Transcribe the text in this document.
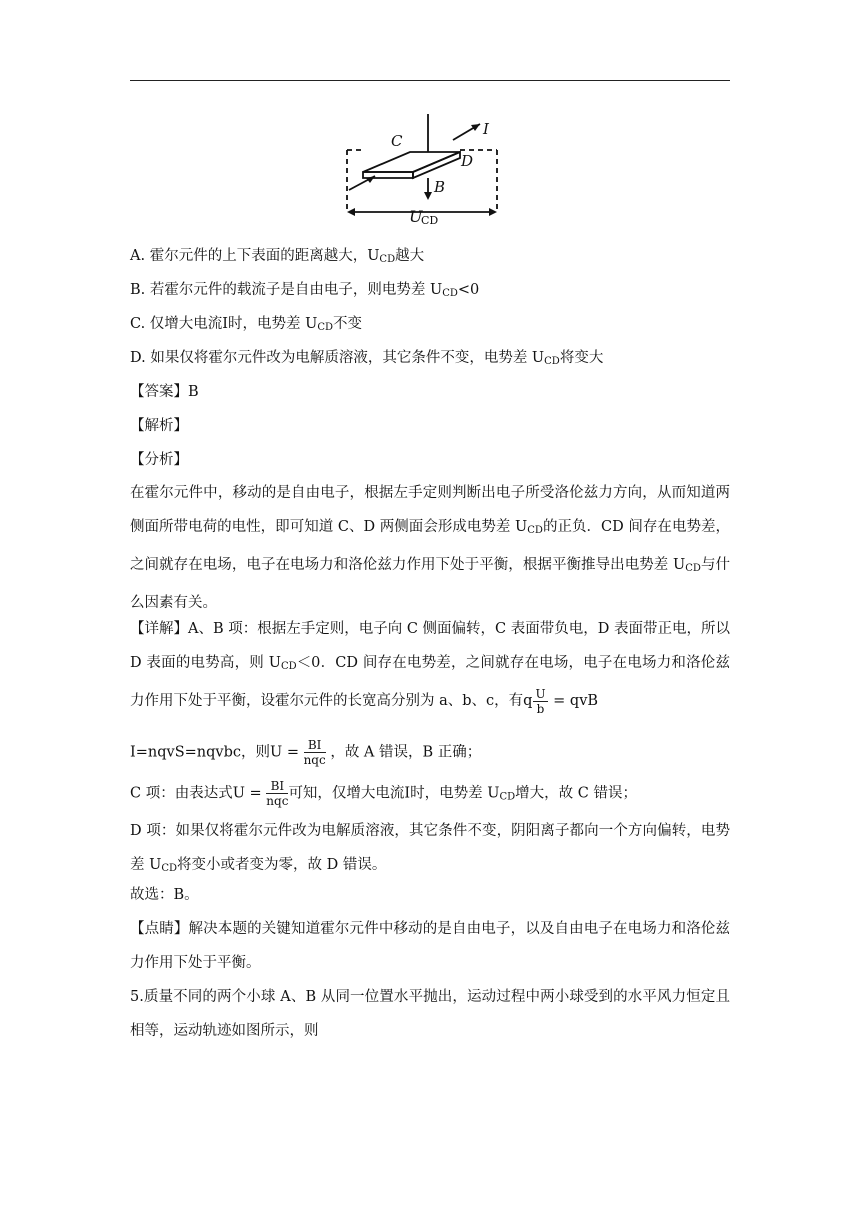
C
I
D
B
U
CD
A. 霍尔元件的上下表面的距离越大，$U_{CD}$越大
B. 若霍尔元件的载流子是自由电子，则电势差 $U_{CD}<0$
C. 仅增大电流Ⅰ时，电势差 $U_{CD}$不变
D. 如果仅将霍尔元件改为电解质溶液，其它条件不变，电势差 $U_{CD}$将变大
【答案】B
【解析】
【分析】
在霍尔元件中，移动的是自由电子，根据左手定则判断出电子所受洛伦兹力方向，从而知道两侧面所带电荷的电性，即可知道 C、D 两侧面会形成电势差 $U_{CD}$的正负．CD 间存在电势差，之间就存在电场，电子在电场力和洛伦兹力作用下处于平衡，根据平衡推导出电势差 $U_{CD}$与什么因素有关。
【详解】A、B 项：根据左手定则，电子向 C 侧面偏转，C 表面带负电，D 表面带正电，所以 D 表面的电势高，则 $U_{CD}<0$．CD 间存在电势差，之间就存在电场，电子在电场力和洛伦兹力作用下处于平衡，设霍尔元件的长宽高分别为 a、b、c，有q $\frac{U}{b}$ = qvB
I=nqvS=nqvbc，则$U = \frac{BI}{\text{nqc}}$ ，故 A 错误，B 正确；
C 项：由表达式$U = \frac{BI}{\text{nqc}}$ 可知，仅增大电流Ⅰ时，电势差 $U_{CD}$增大，故 C 错误；
D 项：如果仅将霍尔元件改为电解质溶液，其它条件不变，阴阳离子都向一个方向偏转，电势差 $U_{CD}$将变小或者变为零，故 D 错误。
故选：B。
【点睛】解决本题的关键知道霍尔元件中移动的是自由电子，以及自由电子在电场力和洛伦兹力作用下处于平衡。
5.质量不同的两个小球 A、B 从同一位置水平抛出，运动过程中两小球受到的水平风力恒定且相等，运动轨迹如图所示，则
